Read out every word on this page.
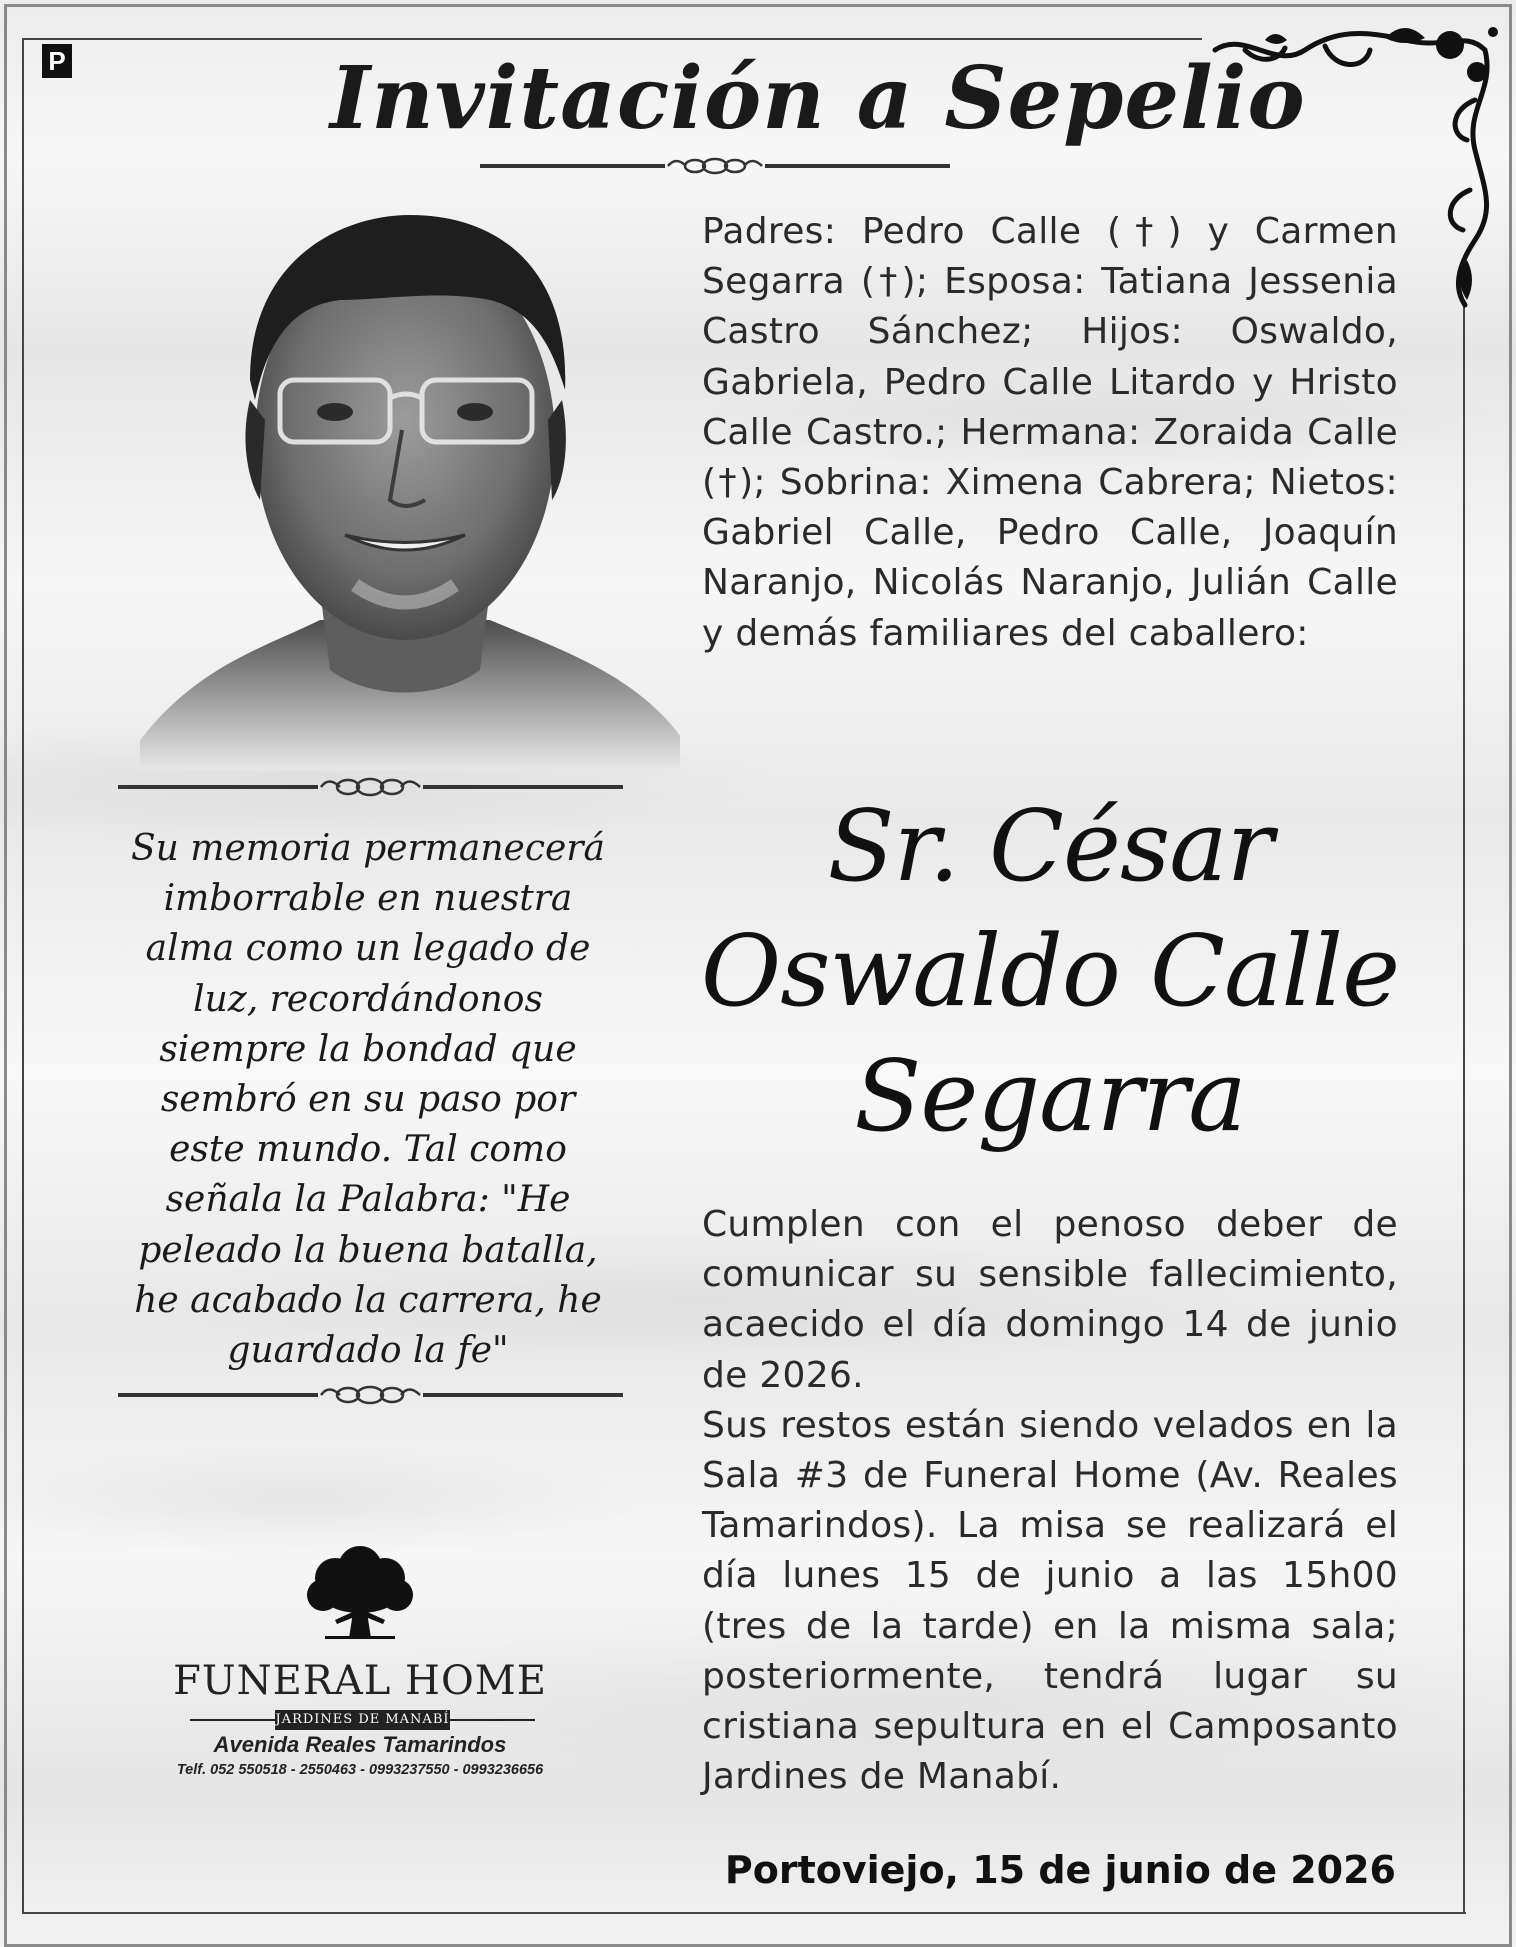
P	Invitación a Sepelio
Padres: Pedro Calle (†) y Carmen Segarra (†); Esposa: Tatiana Jessenia Castro Sánchez; Hijos: Oswaldo, Gabriela, Pedro Calle Litardo y Hristo Calle Castro.; Hermana: Zoraida Calle (†); Sobrina: Ximena Cabrera; Nietos: Gabriel Calle, Pedro Calle, Joaquín Naranjo, Nicolás Naranjo, Julián Calle y demás familiares del caballero:
Su memoria permanecerá imborrable en nuestra alma como un legado de luz, recordándonos siempre la bondad que sembró en su paso por este mundo. Tal como señala la Palabra: "He peleado la buena batalla, he acabado la carrera, he guardado la fe"
Sr. César
Oswaldo Calle
Segarra

Cumplen con el penoso deber de comunicar su sensible fallecimiento, acaecido el día domingo 14 de junio de 2026.

Sus restos están siendo velados en la Sala #3 de Funeral Home (Av. Reales Tamarindos). La misa se realizará el día lunes 15 de junio a las 15h00 (tres de la tarde) en la misma sala; posteriormente, tendrá lugar su cristiana sepultura en el Camposanto Jardines de Manabí.

Portoviejo, 15 de junio de 2026
FUNERAL HOME
JARDINES DE MANABÍ
Avenida Reales Tamarindos
Telf. 052 550518 - 2550463 - 0993237550 - 0993236656
